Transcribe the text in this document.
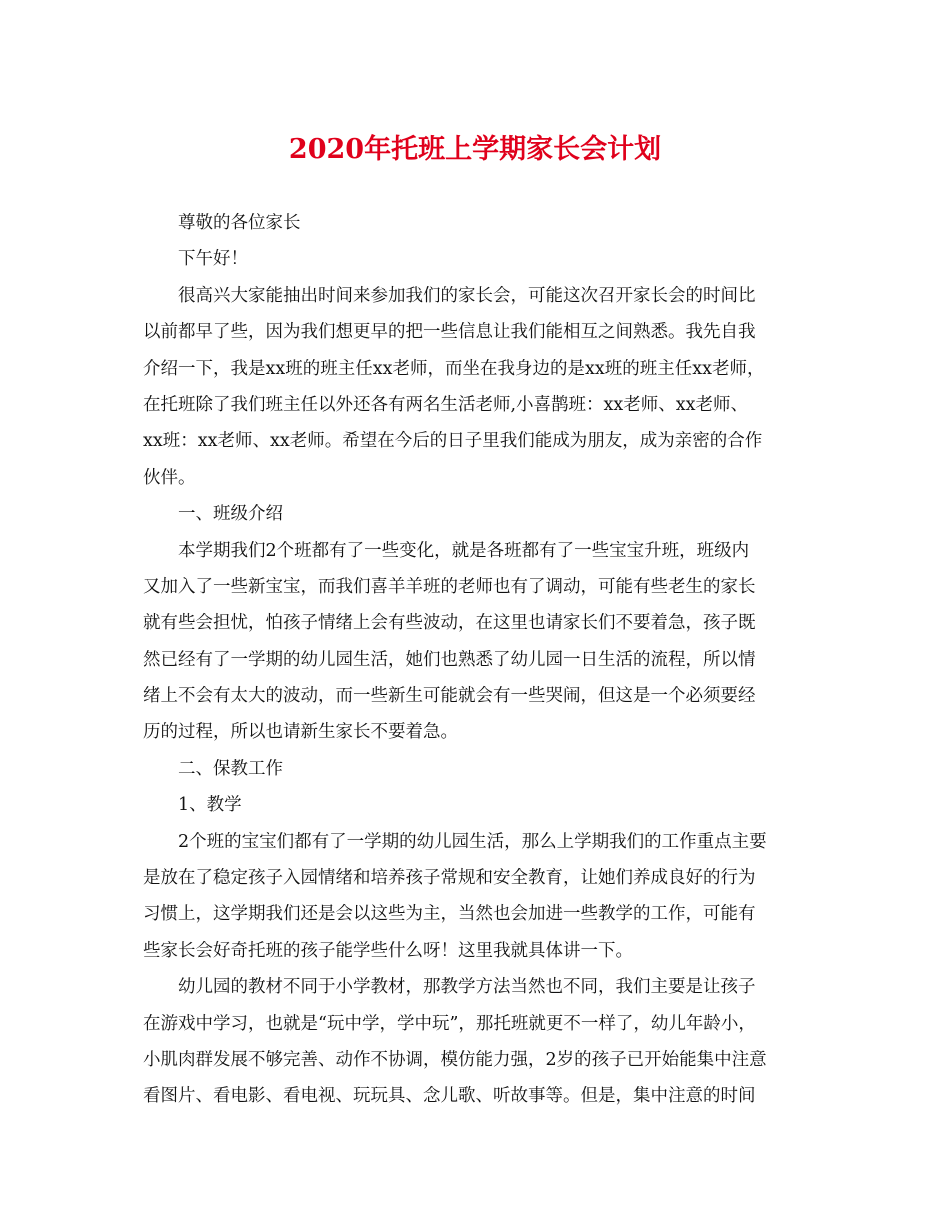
2020年托班上学期家长会计划
尊敬的各位家长
下午好！
很高兴大家能抽出时间来参加我们的家长会，可能这次召开家长会的时间比
以前都早了些，因为我们想更早的把一些信息让我们能相互之间熟悉。我先自我
介绍一下，我是xx班的班主任xx老师，而坐在我身边的是xx班的班主任xx老师，
在托班除了我们班主任以外还各有两名生活老师,小喜鹊班：xx老师、xx老师、
xx班：xx老师、xx老师。希望在今后的日子里我们能成为朋友，成为亲密的合作
伙伴。
一、班级介绍
本学期我们2个班都有了一些变化，就是各班都有了一些宝宝升班，班级内
又加入了一些新宝宝，而我们喜羊羊班的老师也有了调动，可能有些老生的家长
就有些会担忧，怕孩子情绪上会有些波动，在这里也请家长们不要着急，孩子既
然已经有了一学期的幼儿园生活，她们也熟悉了幼儿园一日生活的流程，所以情
绪上不会有太大的波动，而一些新生可能就会有一些哭闹，但这是一个必须要经
历的过程，所以也请新生家长不要着急。
二、保教工作
1、教学
2个班的宝宝们都有了一学期的幼儿园生活，那么上学期我们的工作重点主要
是放在了稳定孩子入园情绪和培养孩子常规和安全教育，让她们养成良好的行为
习惯上，这学期我们还是会以这些为主，当然也会加进一些教学的工作，可能有
些家长会好奇托班的孩子能学些什么呀！这里我就具体讲一下。
幼儿园的教材不同于小学教材，那教学方法当然也不同，我们主要是让孩子
在游戏中学习，也就是“玩中学，学中玩”，那托班就更不一样了，幼儿年龄小，
小肌肉群发展不够完善、动作不协调，模仿能力强，2岁的孩子已开始能集中注意
看图片、看电影、看电视、玩玩具、念儿歌、听故事等。但是，集中注意的时间
